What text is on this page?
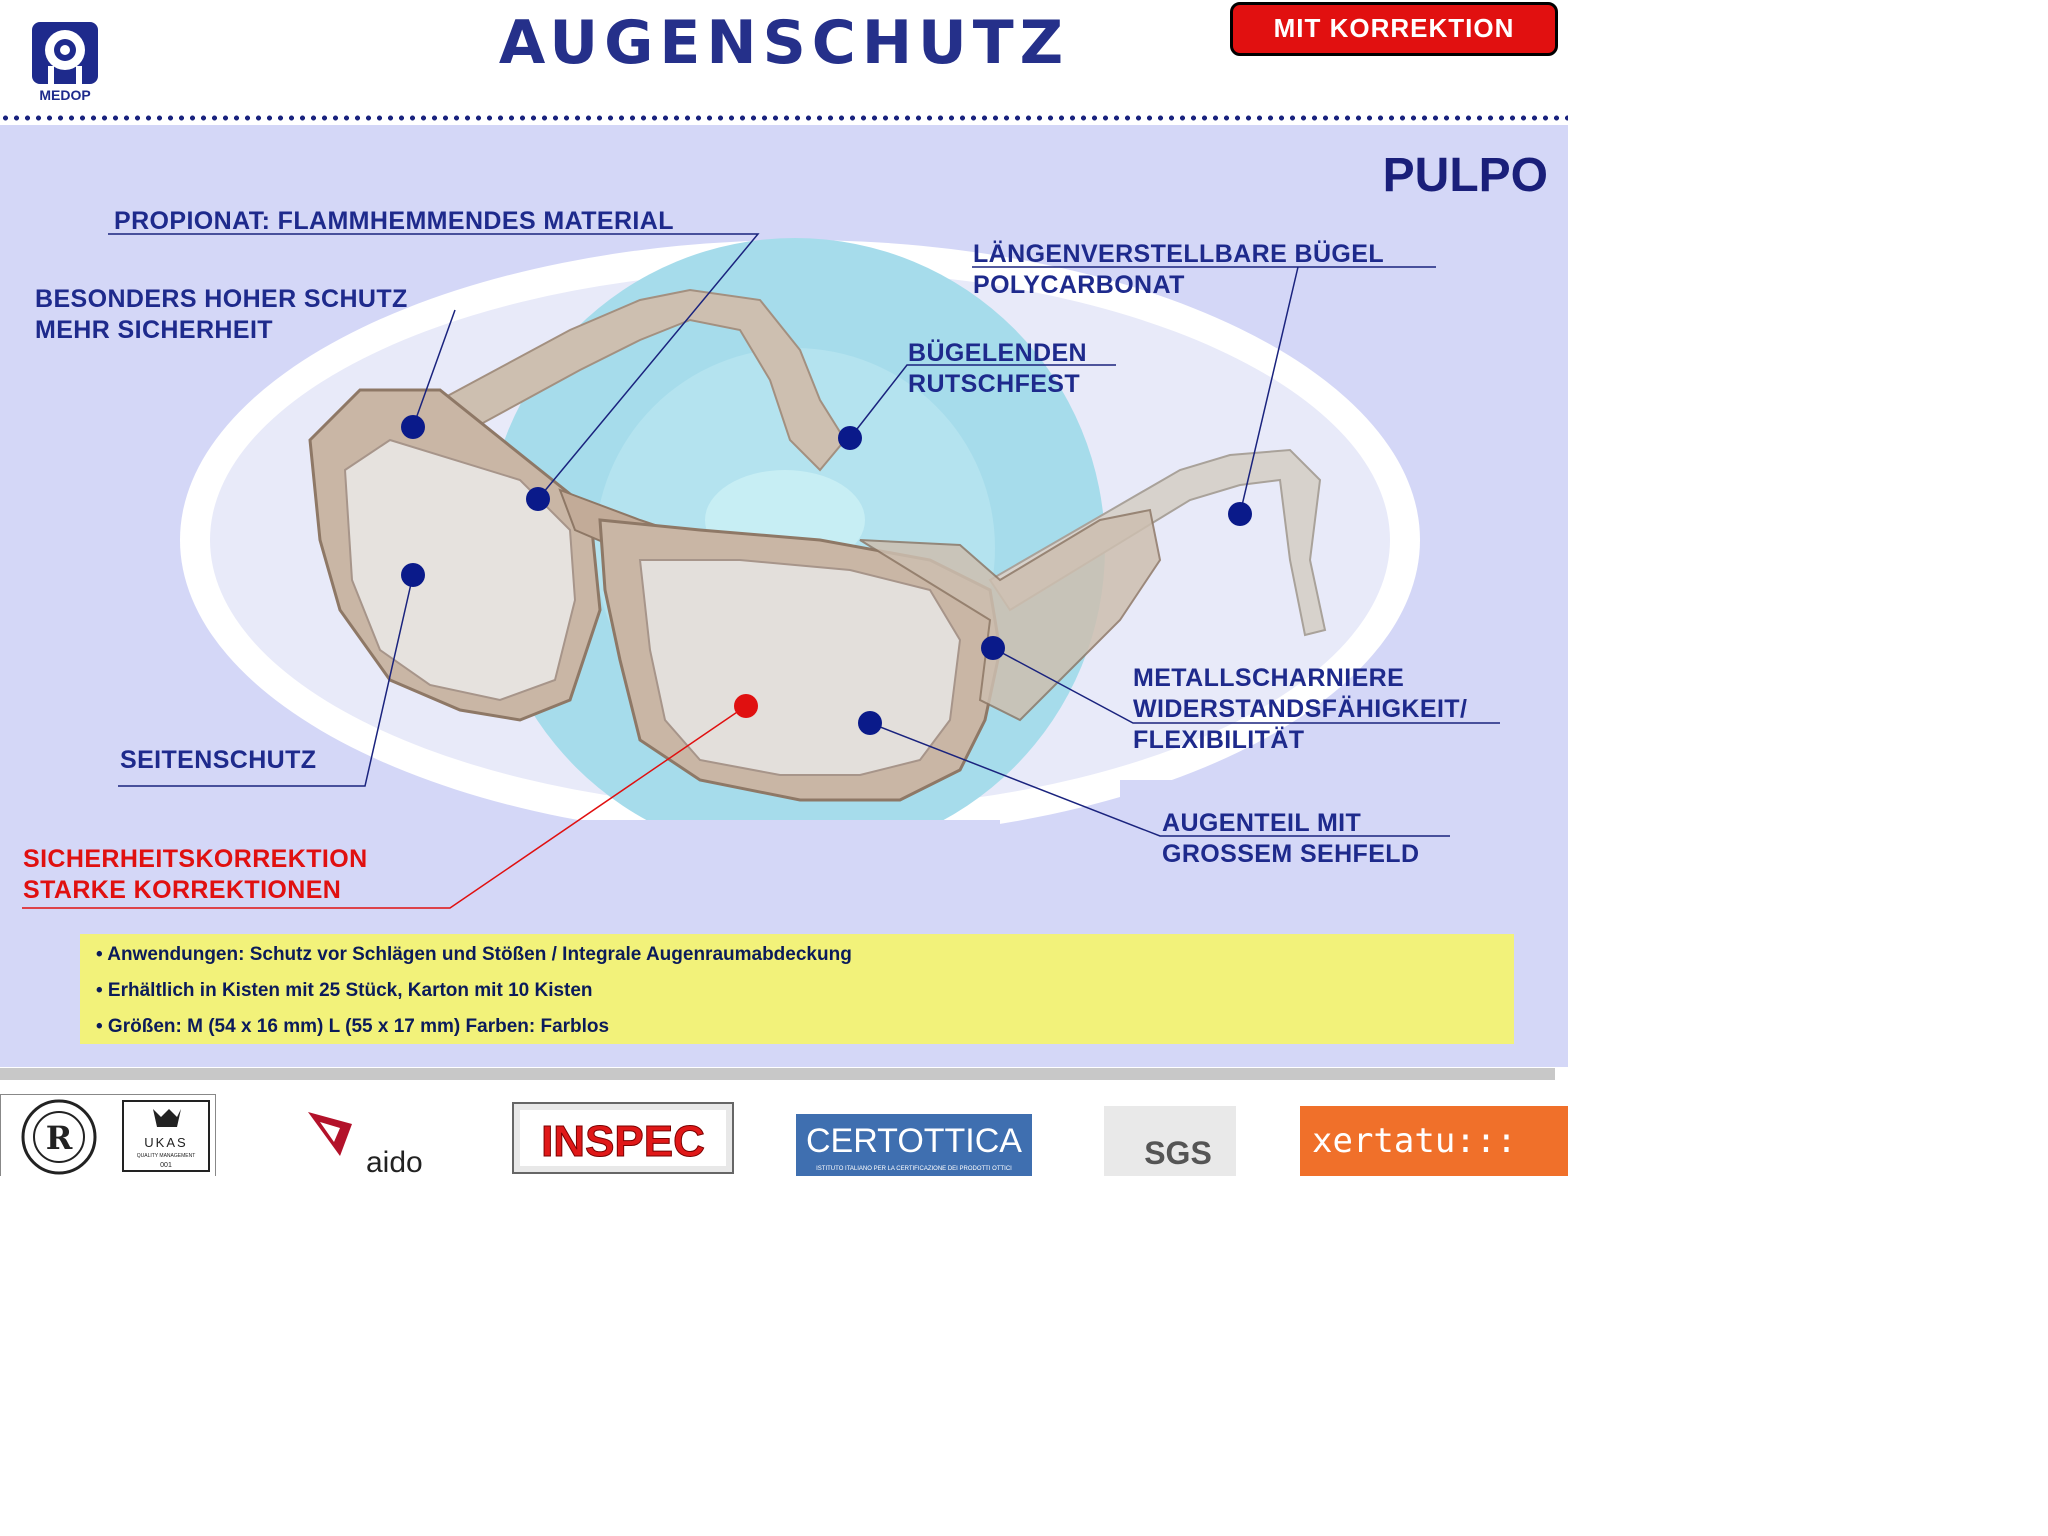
MEDOP
AUGENSCHUTZ	MIT KORREKTION
PULPO
PROPIONAT: FLAMMHEMMENDES MATERIAL
BESONDERS HOHER SCHUTZ
MEHR SICHERHEIT
LÄNGENVERSTELLBARE BÜGEL
POLYCARBONAT
BÜGELENDEN
RUTSCHFEST
SEITENSCHUTZ
METALLSCHARNIERE
WIDERSTANDSFÄHIGKEIT/
FLEXIBILITÄT
AUGENTEIL MIT
GROSSEM SEHFELD
SICHERHEITSKORREKTION
STARKE KORREKTIONEN
• Anwendungen: Schutz vor Schlägen und Stößen / Integrale Augenraumabdeckung
• Erhältlich in Kisten mit 25 Stück, Karton mit 10 Kisten
• Größen: M (54 x 16 mm) L (55 x 17 mm) Farben: Farblos
R	UKAS
QUALITY MANAGEMENT
001	aido	INSPEC	CERTOTTICA
ISTITUTO ITALIANO PER LA CERTIFICAZIONE DEI PRODOTTI OTTICI	SGS	xertatu:::
